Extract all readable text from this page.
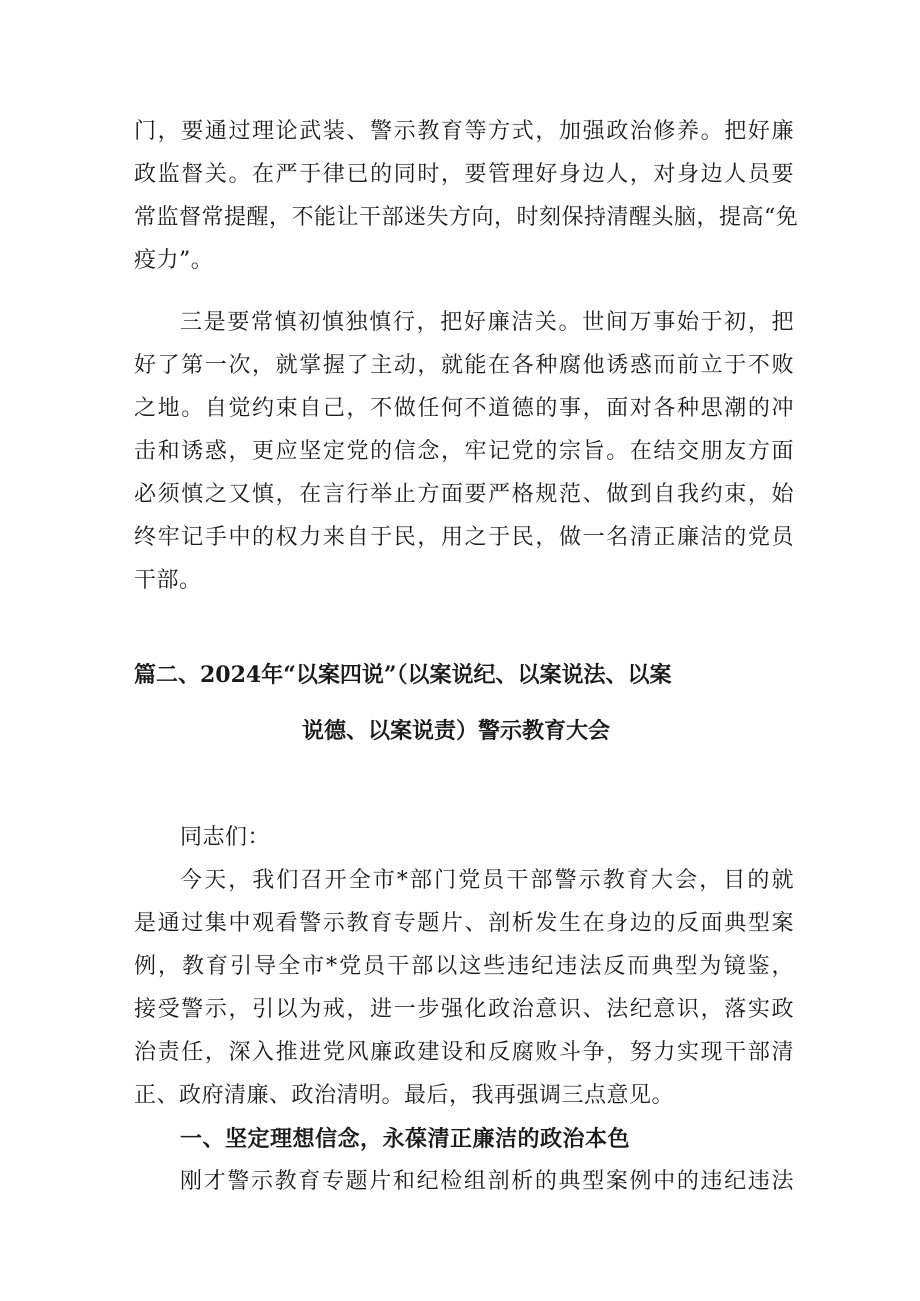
门，要通过理论武装、警示教育等方式，加强政治修养。把好廉
政监督关。在严于律已的同时，要管理好身边人，对身边人员要
常监督常提醒，不能让干部迷失方向，时刻保持清醒头脑，提高“免
疫力”。
三是要常慎初慎独慎行，把好廉洁关。世间万事始于初，把
好了第一次，就掌握了主动，就能在各种腐他诱惑而前立于不败
之地。自觉约束自己，不做任何不道德的事，面对各种思潮的冲
击和诱惑，更应坚定党的信念，牢记党的宗旨。在结交朋友方面
必须慎之又慎，在言行举止方面要严格规范、做到自我约束，始
终牢记手中的权力来自于民，用之于民，做一名清正廉洁的党员
干部。
篇二、2024年“以案四说”（以案说纪、以案说法、以案
说德、以案说责）警示教育大会
同志们：
今天，我们召开全市*部门党员干部警示教育大会，目的就
是通过集中观看警示教育专题片、剖析发生在身边的反面典型案
例，教育引导全市*党员干部以这些违纪违法反而典型为镜鉴，
接受警示，引以为戒，进一步强化政治意识、法纪意识，落实政
治责任，深入推进党风廉政建设和反腐败斗争，努力实现干部清
正、政府清廉、政治清明。最后，我再强调三点意见。
一、坚定理想信念，永葆清正廉洁的政治本色
刚才警示教育专题片和纪检组剖析的典型案例中的违纪违法
